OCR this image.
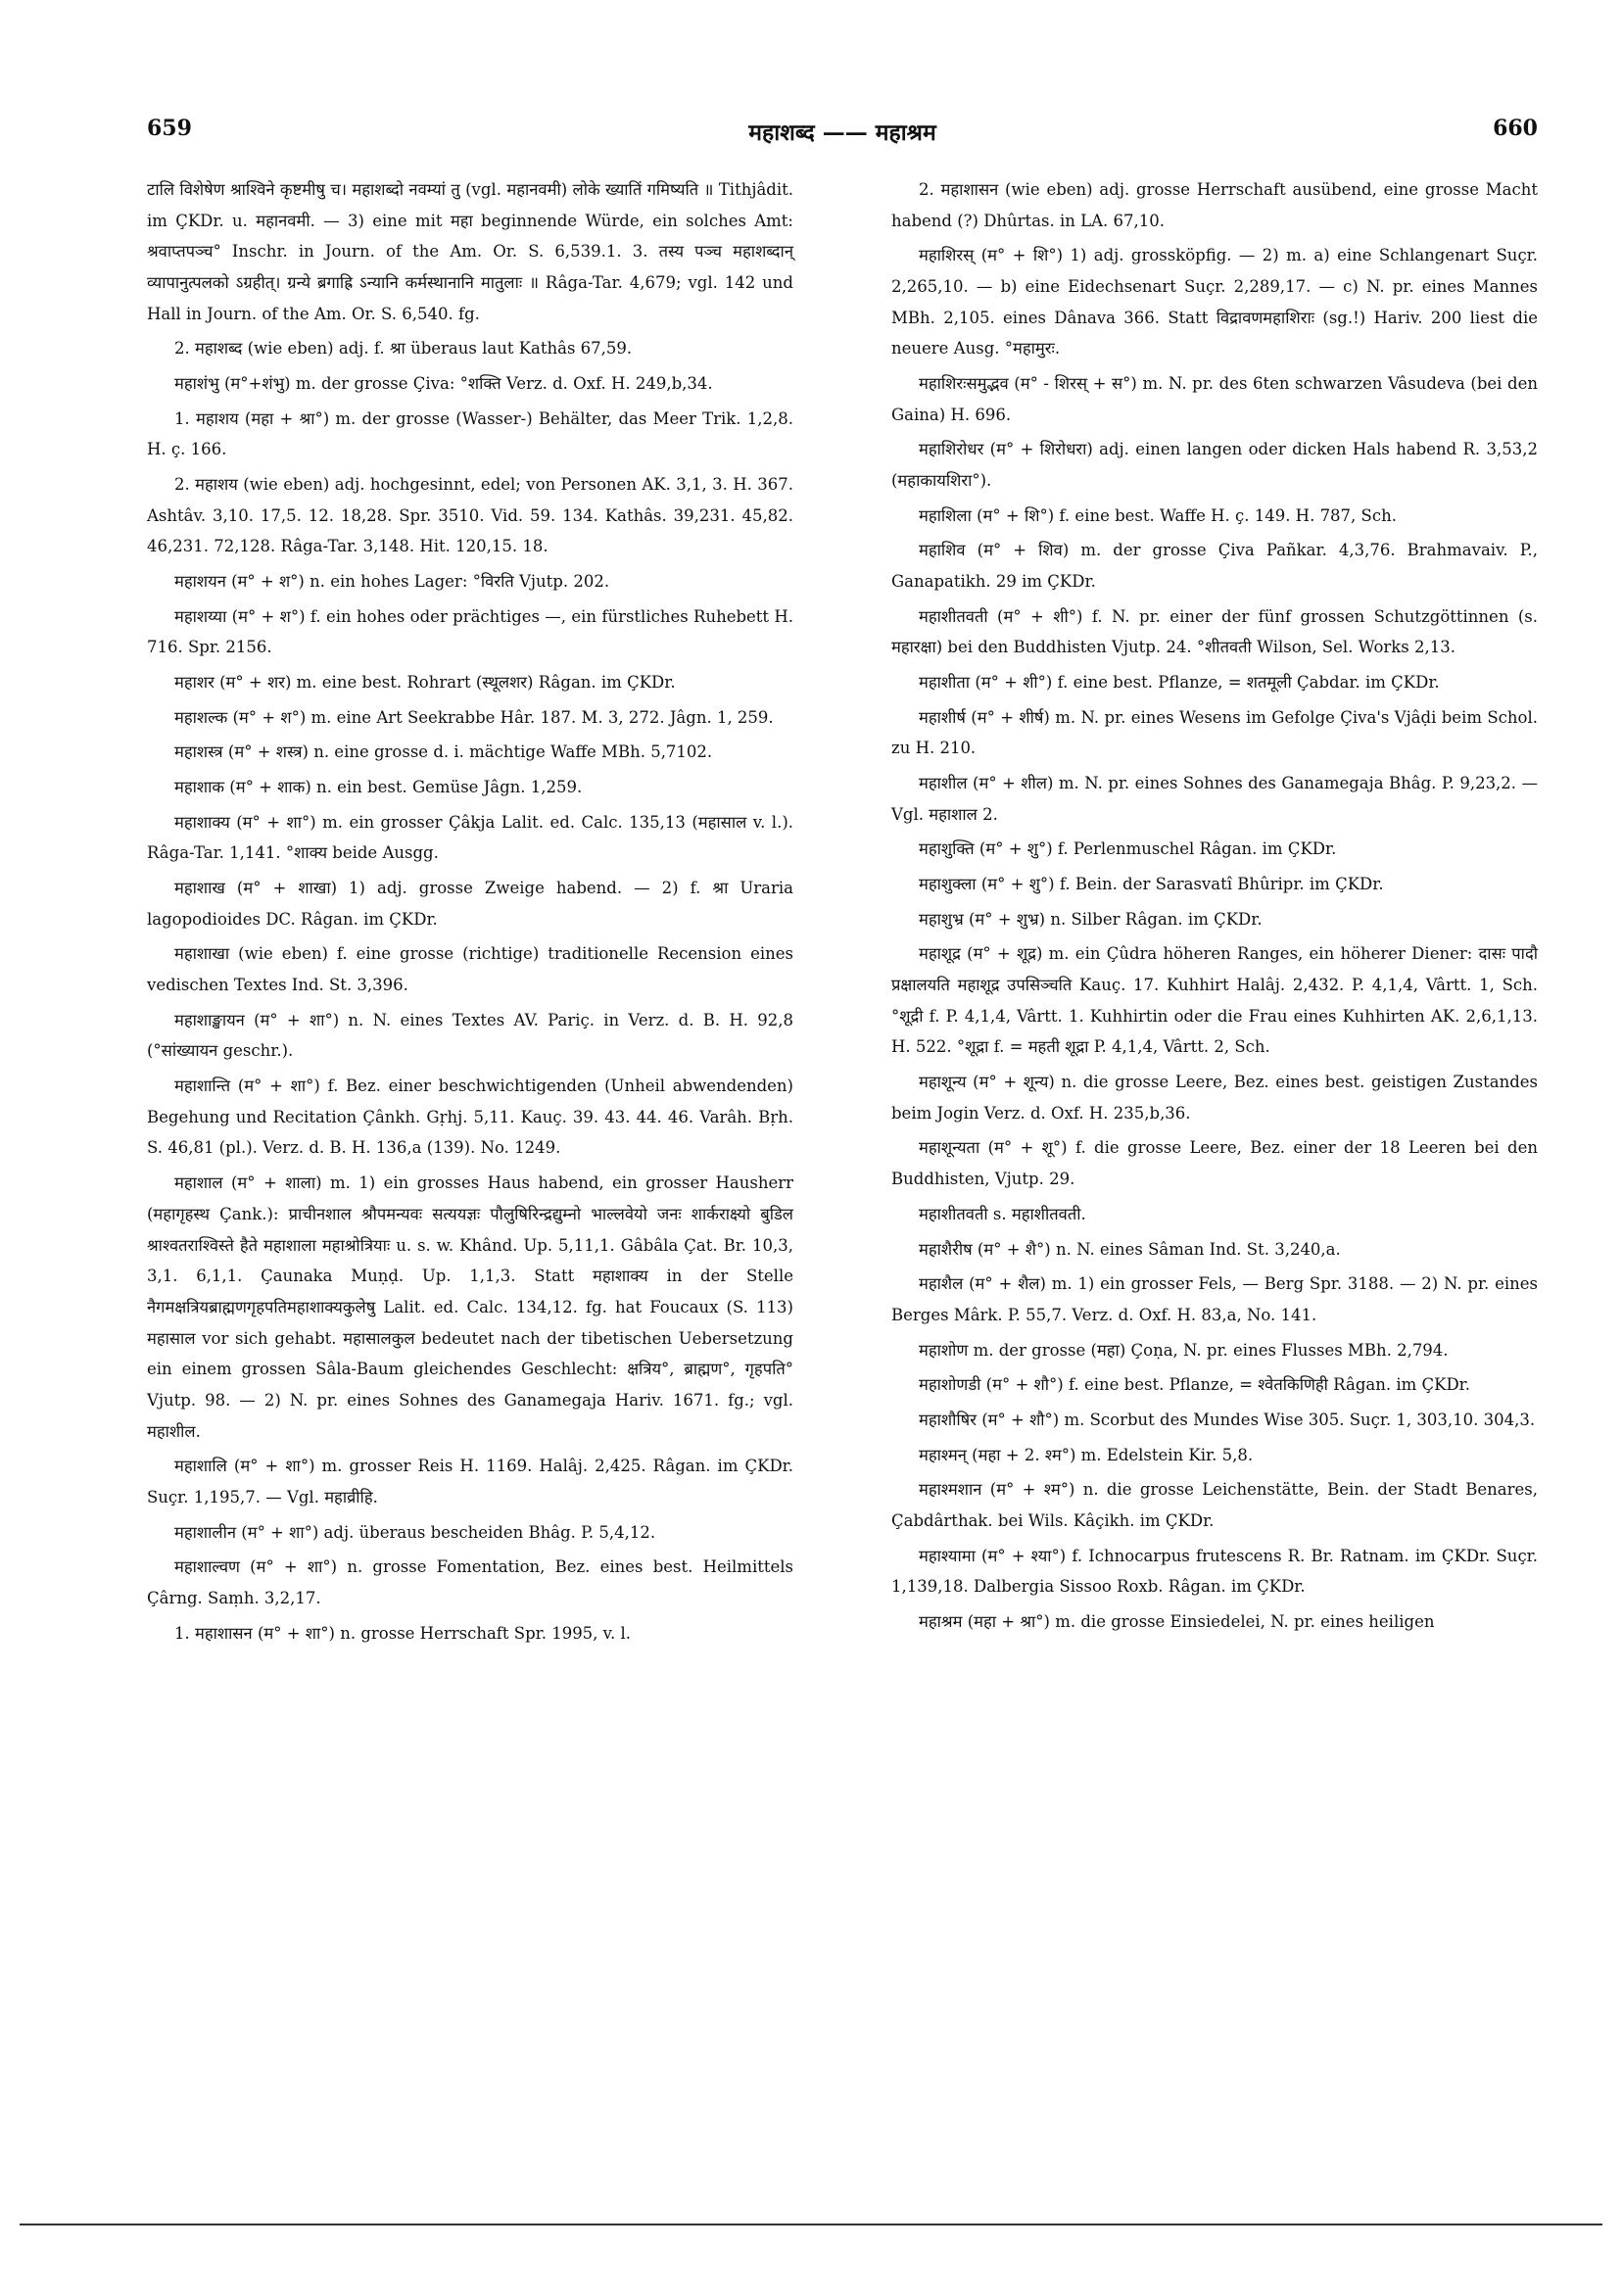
659	महाशब्द —— महाश्रम	660

टालि विशेषेण श्राश्विने कृष्टमीषु च। महाशब्दो नवम्यां तु (vgl. महानवमी) लोके ख्यातिं गमिष्यति ॥ Tithjâdit. im ÇKDr. u. महानवमी. — 3) eine mit महा beginnende Würde, ein solches Amt: श्रवाप्तपञ्च° Inschr. in Journ. of the Am. Or. S. 6,539.1. 3. तस्य पञ्च महाशब्दान् व्यापानुत्पलको ऽग्रहीत्। ग्रन्ये ब्रगाह्रि ऽन्यानि कर्मस्थानानि मातुलाः ॥ Râga-Tar. 4,679; vgl. 142 und Hall in Journ. of the Am. Or. S. 6,540. fg.

2. महाशब्द (wie eben) adj. f. श्रा überaus laut Kathâs 67,59.

महाशंभु (म°+शंभु) m. der grosse Çiva: °शक्ति Verz. d. Oxf. H. 249,b,34.

1. महाशय (महा + श्रा°) m. der grosse (Wasser-) Behälter, das Meer Trik. 1,2,8. H. ç. 166.

2. महाशय (wie eben) adj. hochgesinnt, edel; von Personen AK. 3,1, 3. H. 367. Ashtâv. 3,10. 17,5. 12. 18,28. Spr. 3510. Vid. 59. 134. Kathâs. 39,231. 45,82. 46,231. 72,128. Râga-Tar. 3,148. Hit. 120,15. 18.

महाशयन (म° + श°) n. ein hohes Lager: °विरति Vjutp. 202.

महाशय्या (म° + श°) f. ein hohes oder prächtiges —, ein fürstliches Ruhebett H. 716. Spr. 2156.

महाशर (म° + शर) m. eine best. Rohrart (स्थूलशर) Râgan. im ÇKDr.

महाशल्क (म° + श°) m. eine Art Seekrabbe Hâr. 187. M. 3, 272. Jâgn. 1, 259.

महाशस्त्र (म° + शस्त्र) n. eine grosse d. i. mächtige Waffe MBh. 5,7102.

महाशाक (म° + शाक) n. ein best. Gemüse Jâgn. 1,259.

महाशाक्य (म° + शा°) m. ein grosser Çâkja Lalit. ed. Calc. 135,13 (महासाल v. l.). Râga-Tar. 1,141. °शाक्य beide Ausgg.

महाशाख (म° + शाखा) 1) adj. grosse Zweige habend. — 2) f. श्रा Uraria lagopodioides DC. Râgan. im ÇKDr.

महाशाखा (wie eben) f. eine grosse (richtige) traditionelle Recension eines vedischen Textes Ind. St. 3,396.

महाशाङ्खायन (म° + शा°) n. N. eines Textes AV. Pariç. in Verz. d. B. H. 92,8 (°सांख्यायन geschr.).

महाशान्ति (म° + शा°) f. Bez. einer beschwichtigenden (Unheil abwendenden) Begehung und Recitation Çânkh. Gṛhj. 5,11. Kauç. 39. 43. 44. 46. Varâh. Bṛh. S. 46,81 (pl.). Verz. d. B. H. 136,a (139). No. 1249.

महाशाल (म° + शाला) m. 1) ein grosses Haus habend, ein grosser Hausherr (महागृहस्थ Çank.): प्राचीनशाल श्रौपमन्यवः सत्ययज्ञः पौलुषिरिन्द्रद्युम्नो भाल्लवेयो जनः शार्कराक्ष्यो बुडिल श्राश्वतराश्विस्ते हैते महाशाला महाश्रोत्रियाः u. s. w. Khând. Up. 5,11,1. Gâbâla Çat. Br. 10,3, 3,1. 6,1,1. Çaunaka Muṇḍ. Up. 1,1,3. Statt महाशाक्य in der Stelle नैगमक्षत्रियब्राह्मणगृहपतिमहाशाक्यकुलेषु Lalit. ed. Calc. 134,12. fg. hat Foucaux (S. 113) महासाल vor sich gehabt. महासालकुल bedeutet nach der tibetischen Uebersetzung ein einem grossen Sâla-Baum gleichendes Geschlecht: क्षत्रिय°, ब्राह्मण°, गृहपति° Vjutp. 98. — 2) N. pr. eines Sohnes des Ganamegaja Hariv. 1671. fg.; vgl. महाशील.

महाशालि (म° + शा°) m. grosser Reis H. 1169. Halâj. 2,425. Râgan. im ÇKDr. Suçr. 1,195,7. — Vgl. महाव्रीहि.

महाशालीन (म° + शा°) adj. überaus bescheiden Bhâg. P. 5,4,12.

महाशाल्वण (म° + शा°) n. grosse Fomentation, Bez. eines best. Heilmittels Çârng. Saṃh. 3,2,17.

1. महाशासन (म° + शा°) n. grosse Herrschaft Spr. 1995, v. l.

2. महाशासन (wie eben) adj. grosse Herrschaft ausübend, eine grosse Macht habend (?) Dhûrtas. in LA. 67,10.

महाशिरस् (म° + शि°) 1) adj. grossköpfig. — 2) m. a) eine Schlangenart Suçr. 2,265,10. — b) eine Eidechsenart Suçr. 2,289,17. — c) N. pr. eines Mannes MBh. 2,105. eines Dânava 366. Statt विद्रावणमहाशिराः (sg.!) Hariv. 200 liest die neuere Ausg. °महामुरः.

महाशिरःसमुद्भव (म° - शिरस् + स°) m. N. pr. des 6ten schwarzen Vâsudeva (bei den Gaina) H. 696.

महाशिरोधर (म° + शिरोधरा) adj. einen langen oder dicken Hals habend R. 3,53,2 (महाकायशिरा°).

महाशिला (म° + शि°) f. eine best. Waffe H. ç. 149. H. 787, Sch.

महाशिव (म° + शिव) m. der grosse Çiva Pañkar. 4,3,76. Brahmavaiv. P., Ganapatikh. 29 im ÇKDr.

महाशीतवती (म° + शी°) f. N. pr. einer der fünf grossen Schutzgöttinnen (s. महारक्षा) bei den Buddhisten Vjutp. 24. °शीतवती Wilson, Sel. Works 2,13.

महाशीता (म° + शी°) f. eine best. Pflanze, = शतमूली Çabdar. im ÇKDr.

महाशीर्ष (म° + शीर्ष) m. N. pr. eines Wesens im Gefolge Çiva's Vjâḍi beim Schol. zu H. 210.

महाशील (म° + शील) m. N. pr. eines Sohnes des Ganamegaja Bhâg. P. 9,23,2. — Vgl. महाशाल 2.

महाशुक्ति (म° + शु°) f. Perlenmuschel Râgan. im ÇKDr.

महाशुक्ला (म° + शु°) f. Bein. der Sarasvatî Bhûripr. im ÇKDr.

महाशुभ्र (म° + शुभ्र) n. Silber Râgan. im ÇKDr.

महाशूद्र (म° + शूद्र) m. ein Çûdra höheren Ranges, ein höherer Diener: दासः पादौ प्रक्षालयति महाशूद्र उपसिञ्चति Kauç. 17. Kuhhirt Halâj. 2,432. P. 4,1,4, Vârtt. 1, Sch. °शूद्री f. P. 4,1,4, Vârtt. 1. Kuhhirtin oder die Frau eines Kuhhirten AK. 2,6,1,13. H. 522. °शूद्रा f. = महती शूद्रा P. 4,1,4, Vârtt. 2, Sch.

महाशून्य (म° + शून्य) n. die grosse Leere, Bez. eines best. geistigen Zustandes beim Jogin Verz. d. Oxf. H. 235,b,36.

महाशून्यता (म° + शू°) f. die grosse Leere, Bez. einer der 18 Leeren bei den Buddhisten, Vjutp. 29.

महाशीतवती s. महाशीतवती.

महाशैरीष (म° + शै°) n. N. eines Sâman Ind. St. 3,240,a.

महाशैल (म° + शैल) m. 1) ein grosser Fels, — Berg Spr. 3188. — 2) N. pr. eines Berges Mârk. P. 55,7. Verz. d. Oxf. H. 83,a, No. 141.

महाशोण m. der grosse (महा) Çoṇa, N. pr. eines Flusses MBh. 2,794.

महाशोणडी (म° + शौ°) f. eine best. Pflanze, = श्वेतकिणिही Râgan. im ÇKDr.

महाशौषिर (म° + शौ°) m. Scorbut des Mundes Wise 305. Suçr. 1, 303,10. 304,3.

महाश्मन् (महा + 2. श्म°) m. Edelstein Kir. 5,8.

महाश्मशान (म° + श्म°) n. die grosse Leichenstätte, Bein. der Stadt Benares, Çabdârthak. bei Wils. Kâçikh. im ÇKDr.

महाश्यामा (म° + श्या°) f. Ichnocarpus frutescens R. Br. Ratnam. im ÇKDr. Suçr. 1,139,18. Dalbergia Sissoo Roxb. Râgan. im ÇKDr.

महाश्रम (महा + श्रा°) m. die grosse Einsiedelei, N. pr. eines heiligen
